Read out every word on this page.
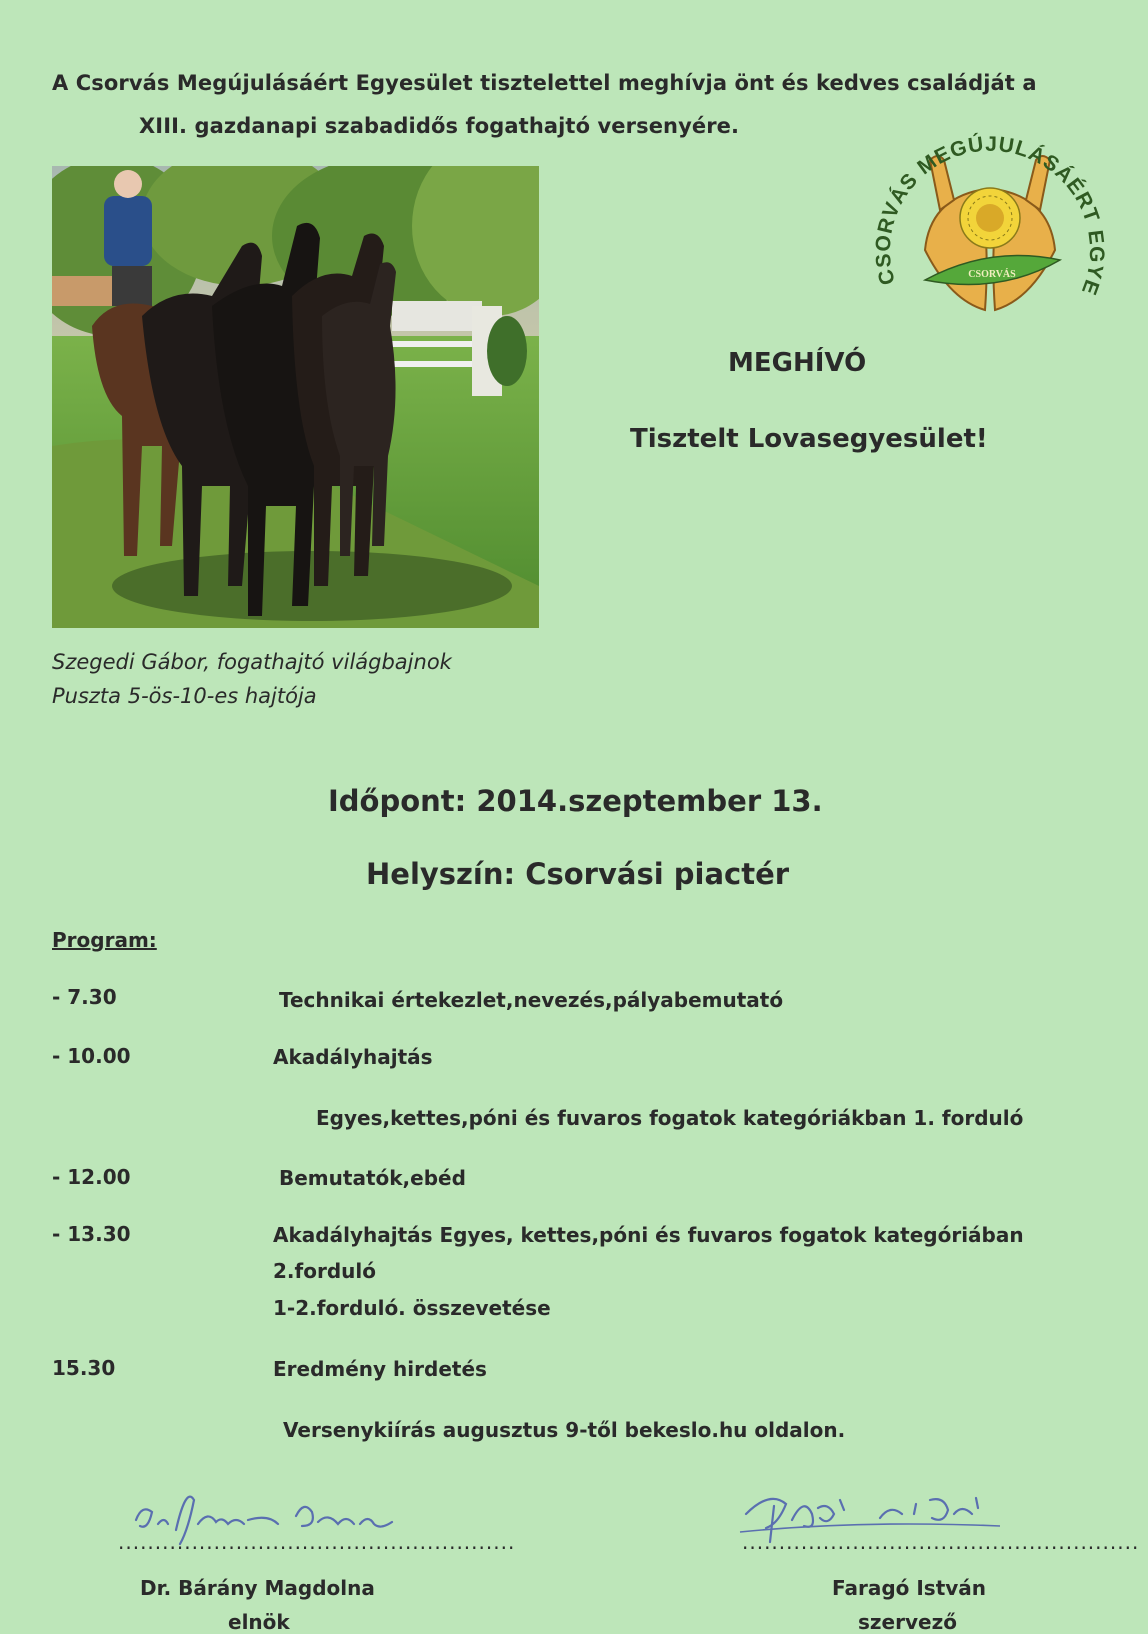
A Csorvás Megújulásáért Egyesület tisztelettel meghívja önt és kedves családját a
XIII. gazdanapi szabadidős fogathajtó versenyére.
CSORVÁS
CSORVÁS MEGÚJULÁSÁÉRT EGYE
MEGHÍVÓ
Tisztelt Lovasegyesület!
Szegedi Gábor, fogathajtó világbajnok
Puszta 5-ös-10-es hajtója
Időpont: 2014.szeptember 13.
Helyszín: Csorvási piactér
Program:
- 7.30	Technikai értekezlet,nevezés,pályabemutató
- 10.00	Akadályhajtás
Egyes,kettes,póni és fuvaros fogatok kategóriákban 1. forduló
- 12.00	Bemutatók,ebéd
- 13.30	Akadályhajtás Egyes, kettes,póni és fuvaros fogatok kategóriában
2.forduló
1-2.forduló. összevetése
15.30	Eredmény hirdetés
Versenykiírás augusztus 9-től bekeslo.hu oldalon.
......................................................
Dr. Bárány Magdolna
elnök
......................................................
Faragó István
szervező
